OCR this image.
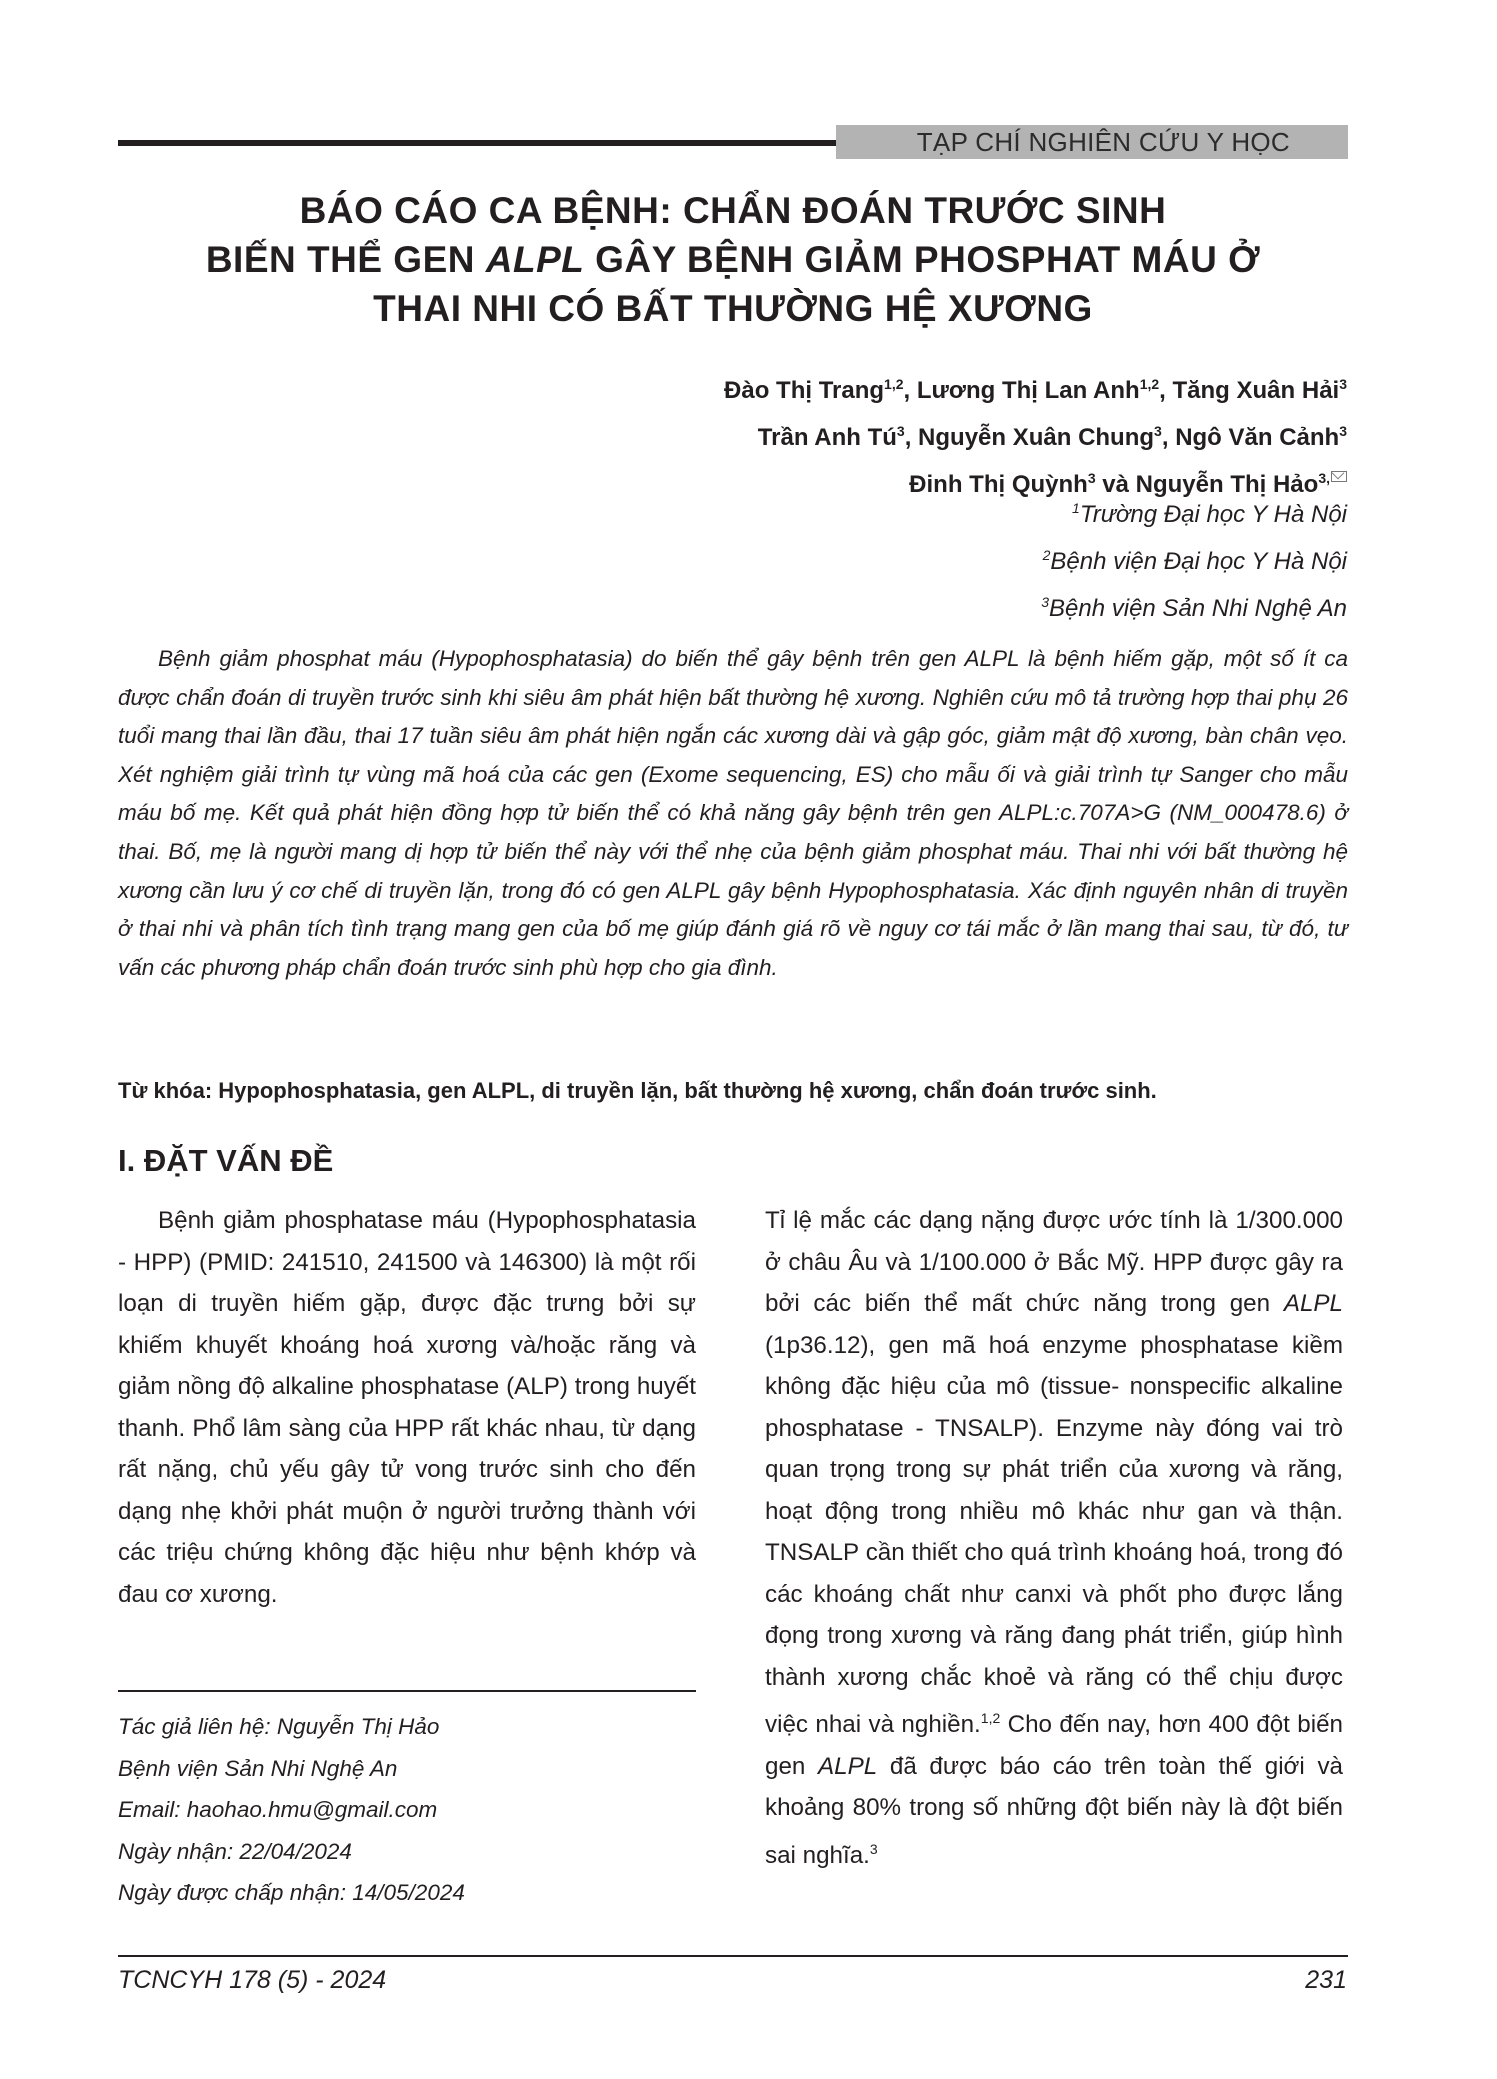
TẠP CHÍ NGHIÊN CỨU Y HỌC
BÁO CÁO CA BỆNH: CHẨN ĐOÁN TRƯỚC SINH
BIẾN THỂ GEN ALPL GÂY BỆNH GIẢM PHOSPHAT MÁU Ở
THAI NHI CÓ BẤT THƯỜNG HỆ XƯƠNG
Đào Thị Trang$^{1,2}$, Lương Thị Lan Anh$^{1,2}$, Tăng Xuân Hải$^3$
Trần Anh $Tú^3$, Nguyễn Xuân Chung$^3$, Ngô Văn Cảnh$^3$
Đinh Thị Quỳnh$^3$ và Nguyễn Thị Hảo$^{3,}$
$^1$Trường Đại học Y Hà Nội
$^2$Bệnh viện Đại học Y Hà Nội
$^3$Bệnh viện Sản Nhi Nghệ An
Bệnh giảm phosphat máu (Hypophosphatasia) do biến thể gây bệnh trên gen ALPL là bệnh hiếm gặp, một số ít ca được chẩn đoán di truyền trước sinh khi siêu âm phát hiện bất thường hệ xương. Nghiên cứu mô tả trường hợp thai phụ 26 tuổi mang thai lần đầu, thai 17 tuần siêu âm phát hiện ngắn các xương dài và gập góc, giảm mật độ xương, bàn chân vẹo. Xét nghiệm giải trình tự vùng mã hoá của các gen (Exome sequencing, ES) cho mẫu ối và giải trình tự Sanger cho mẫu máu bố mẹ. Kết quả phát hiện đồng hợp tử biến thể có khả năng gây bệnh trên gen ALPL:c.707A>G (NM_000478.6) ở thai. Bố, mẹ là người mang dị hợp tử biến thể này với thể nhẹ của bệnh giảm phosphat máu. Thai nhi với bất thường hệ xương cần lưu ý cơ chế di truyền lặn, trong đó có gen ALPL gây bệnh Hypophosphatasia. Xác định nguyên nhân di truyền ở thai nhi và phân tích tình trạng mang gen của bố mẹ giúp đánh giá rõ về nguy cơ tái mắc ở lần mang thai sau, từ đó, tư vấn các phương pháp chẩn đoán trước sinh phù hợp cho gia đình.
Từ khóa: Hypophosphatasia, gen ALPL, di truyền lặn, bất thường hệ xương, chẩn đoán trước sinh.
I. ĐẶT VẤN ĐỀ
Bệnh giảm phosphatase máu (Hypophosphatasia - HPP) (PMID: 241510, 241500 và 146300) là một rối loạn di truyền hiếm gặp, được đặc trưng bởi sự khiếm khuyết khoáng hoá xương và/hoặc răng và giảm nồng độ alkaline phosphatase (ALP) trong huyết thanh. Phổ lâm sàng của HPP rất khác nhau, từ dạng rất nặng, chủ yếu gây tử vong trước sinh cho đến dạng nhẹ khởi phát muộn ở người trưởng thành với các triệu chứng không đặc hiệu như bệnh khớp và đau cơ xương.
Tỉ lệ mắc các dạng nặng được ước tính là 1/300.000 ở châu Âu và 1/100.000 ở Bắc Mỹ. HPP được gây ra bởi các biến thể mất chức năng trong gen ALPL (1p36.12), gen mã hoá enzyme phosphatase kiềm không đặc hiệu của mô (tissue- nonspecific alkaline phosphatase - TNSALP). Enzyme này đóng vai trò quan trọng trong sự phát triển của xương và răng, hoạt động trong nhiều mô khác như gan và thận. TNSALP cần thiết cho quá trình khoáng hoá, trong đó các khoáng chất như canxi và phốt pho được lắng đọng trong xương và răng đang phát triển, giúp hình thành xương chắc khoẻ và răng có thể chịu được việc nhai và nghiền.$^{1,2}$ Cho đến nay, hơn 400 đột biến gen ALPL đã được báo cáo trên toàn thế giới và khoảng 80% trong số những đột biến này là đột biến sai nghĩa.$^3$
Tác giả liên hệ: Nguyễn Thị Hảo
Bệnh viện Sản Nhi Nghệ An
Email: haohao.hmu@gmail.com
Ngày nhận: 22/04/2024
Ngày được chấp nhận: 14/05/2024
TCNCYH 178 (5) - 2024	231
